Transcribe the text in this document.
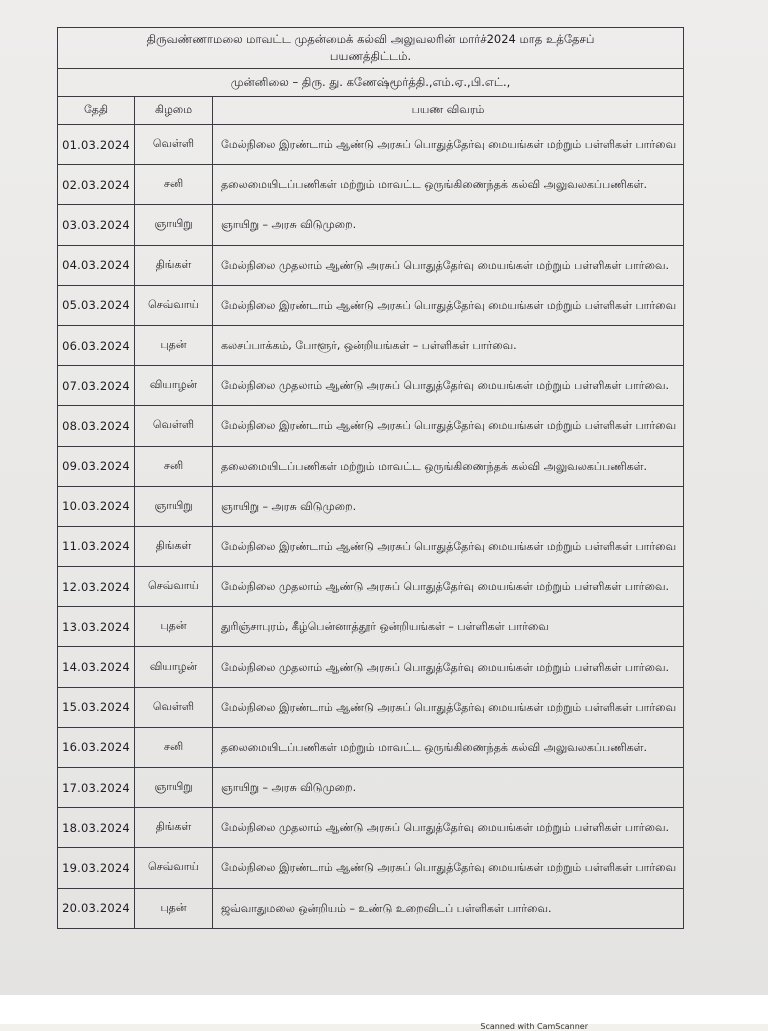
திருவண்ணாமலை மாவட்ட முதன்மைக் கல்வி அலுவலரின் மார்ச்2024 மாத உத்தேசப் பயணத்திட்டம்.		
முன்னிலை – திரு. து. கணேஷ்மூர்த்தி.,எம்.ஏ.,பி.எட்.,		
தேதி	கிழமை	பயண விவரம்
01.03.2024	வெள்ளி	மேல்நிலை இரண்டாம் ஆண்டு அரசுப் பொதுத்தேர்வு மையங்கள் மற்றும் பள்ளிகள் பார்வை
02.03.2024	சனி	தலைமையிடப்பணிகள் மற்றும் மாவட்ட ஒருங்கிணைந்தக் கல்வி அலுவலகப்பணிகள்.
03.03.2024	ஞாயிறு	ஞாயிறு – அரசு விடுமுறை.
04.03.2024	திங்கள்	மேல்நிலை முதலாம் ஆண்டு அரசுப் பொதுத்தேர்வு மையங்கள் மற்றும் பள்ளிகள் பார்வை.
05.03.2024	செவ்வாய்	மேல்நிலை இரண்டாம் ஆண்டு அரசுப் பொதுத்தேர்வு மையங்கள் மற்றும் பள்ளிகள் பார்வை
06.03.2024	புதன்	கலசப்பாக்கம், போளூர், ஒன்றியங்கள் – பள்ளிகள் பார்வை.
07.03.2024	வியாழன்	மேல்நிலை முதலாம் ஆண்டு அரசுப் பொதுத்தேர்வு மையங்கள் மற்றும் பள்ளிகள் பார்வை.
08.03.2024	வெள்ளி	மேல்நிலை இரண்டாம் ஆண்டு அரசுப் பொதுத்தேர்வு மையங்கள் மற்றும் பள்ளிகள் பார்வை
09.03.2024	சனி	தலைமையிடப்பணிகள் மற்றும் மாவட்ட ஒருங்கிணைந்தக் கல்வி அலுவலகப்பணிகள்.
10.03.2024	ஞாயிறு	ஞாயிறு – அரசு விடுமுறை.
11.03.2024	திங்கள்	மேல்நிலை இரண்டாம் ஆண்டு அரசுப் பொதுத்தேர்வு மையங்கள் மற்றும் பள்ளிகள் பார்வை
12.03.2024	செவ்வாய்	மேல்நிலை முதலாம் ஆண்டு அரசுப் பொதுத்தேர்வு மையங்கள் மற்றும் பள்ளிகள் பார்வை.
13.03.2024	புதன்	துரிஞ்சாபுரம், கீழ்பென்னாத்தூர் ஒன்றியங்கள் – பள்ளிகள் பார்வை
14.03.2024	வியாழன்	மேல்நிலை முதலாம் ஆண்டு அரசுப் பொதுத்தேர்வு மையங்கள் மற்றும் பள்ளிகள் பார்வை.
15.03.2024	வெள்ளி	மேல்நிலை இரண்டாம் ஆண்டு அரசுப் பொதுத்தேர்வு மையங்கள் மற்றும் பள்ளிகள் பார்வை
16.03.2024	சனி	தலைமையிடப்பணிகள் மற்றும் மாவட்ட ஒருங்கிணைந்தக் கல்வி அலுவலகப்பணிகள்.
17.03.2024	ஞாயிறு	ஞாயிறு – அரசு விடுமுறை.
18.03.2024	திங்கள்	மேல்நிலை முதலாம் ஆண்டு அரசுப் பொதுத்தேர்வு மையங்கள் மற்றும் பள்ளிகள் பார்வை.
19.03.2024	செவ்வாய்	மேல்நிலை இரண்டாம் ஆண்டு அரசுப் பொதுத்தேர்வு மையங்கள் மற்றும் பள்ளிகள் பார்வை
20.03.2024	புதன்	ஜவ்வாதுமலை ஒன்றியம் – உண்டு உறைவிடப் பள்ளிகள் பார்வை.
Scanned with CamScanner
